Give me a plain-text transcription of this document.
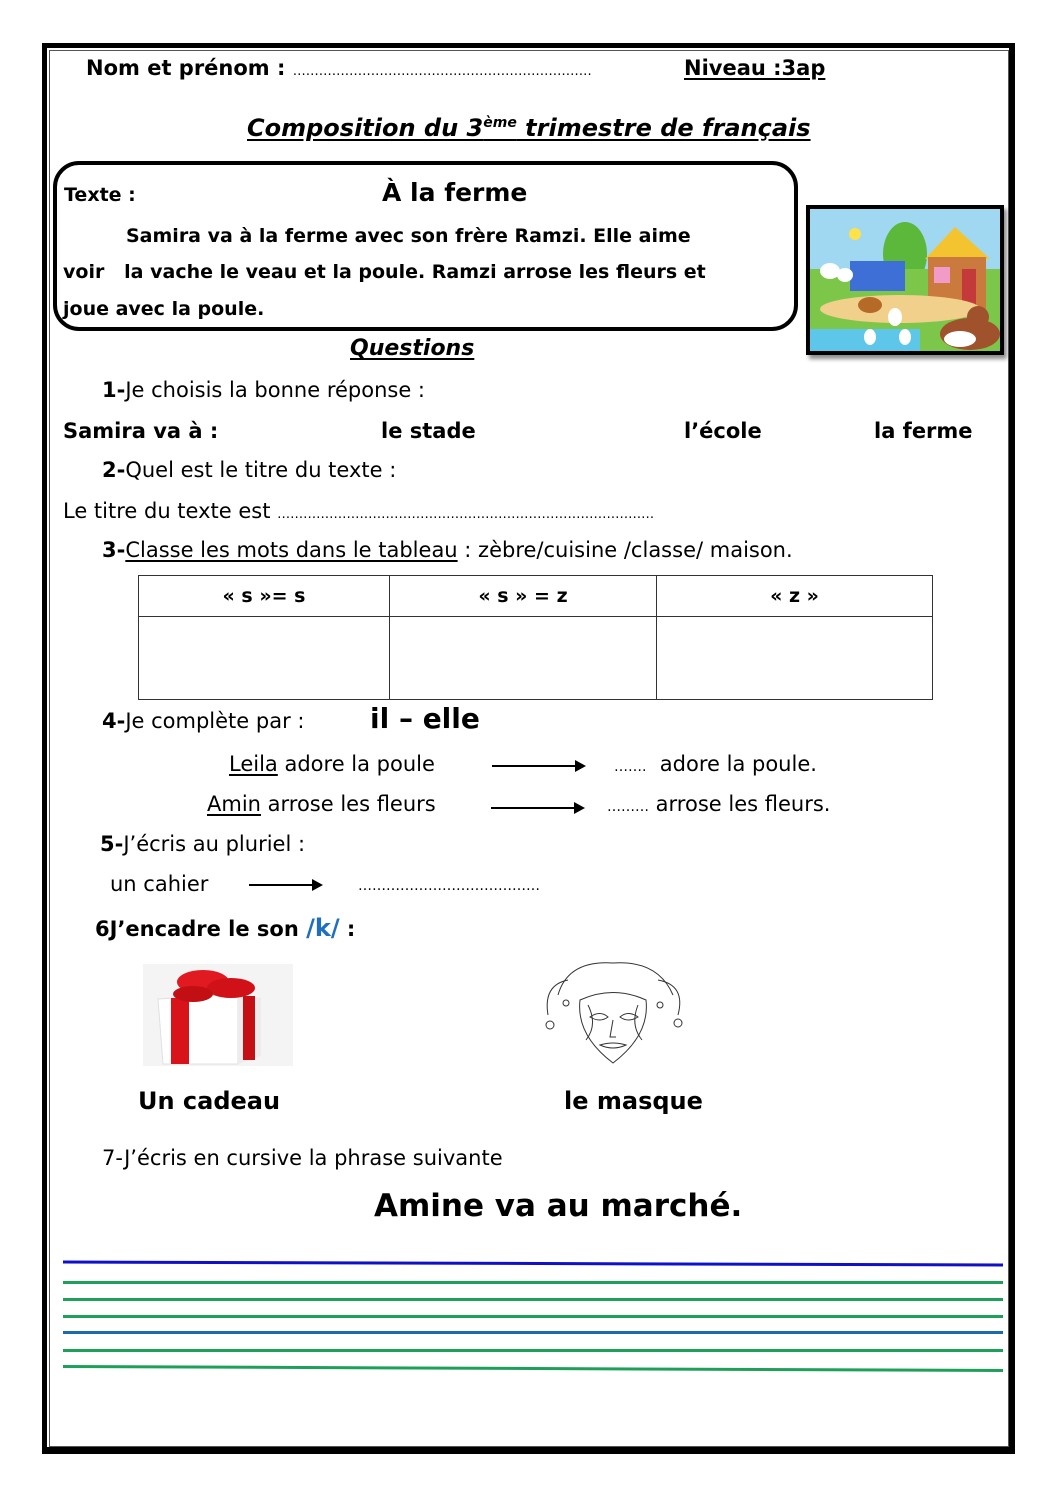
Nom et prénom : ……………………………………………………………	Niveau :3ap
Composition du 3ème trimestre de français
Texte :	À la ferme
Samira va à la ferme avec son frère Ramzi. Elle aime
voir   la vache le veau et la poule. Ramzi arrose les fleurs et
joue avec la poule.
Questions
1-Je choisis la bonne réponse :
Samira va à :	le stade	l’école	la ferme
2-Quel est le titre du texte :
Le titre du texte est ……………………………………………………………………………
3-Classe les mots dans le tableau : zèbre/cuisine /classe/ maison.
« s »= s	« s » = z	« z »

4-Je complète par : il – elle
Leila adore la poule	…….  adore la poule.
Amin arrose les fleurs	……… arrose les fleurs.
5-J’écris au pluriel :
un cahier	…………………………………
6J’encadre le son /k/ :
Un cadeau	le masque
7-J’écris en cursive la phrase suivante
Amine va au marché.
